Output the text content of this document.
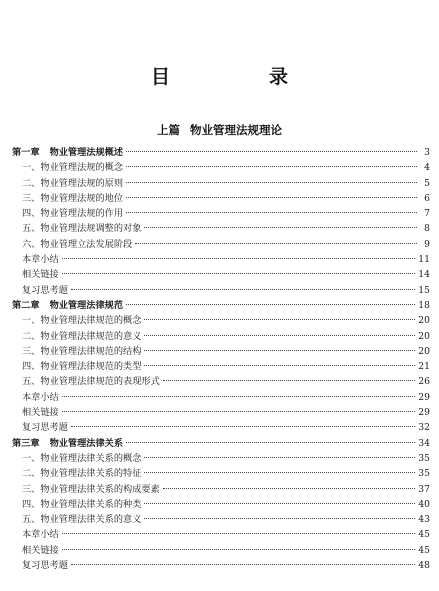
目　录
上篇 物业管理法规理论
第一章 物业管理法规概述	3
一、物业管理法规的概念	4
二、物业管理法规的原则	5
三、物业管理法规的地位	6
四、物业管理法规的作用	7
五、物业管理法规调整的对象	8
六、物业管理立法发展阶段	9
本章小结	11
相关链接	14
复习思考题	15
第二章 物业管理法律规范	18
一、物业管理法律规范的概念	20
二、物业管理法律规范的意义	20
三、物业管理法律规范的结构	20
四、物业管理法律规范的类型	21
五、物业管理法律规范的表现形式	26
本章小结	29
相关链接	29
复习思考题	32
第三章 物业管理法律关系	34
一、物业管理法律关系的概念	35
二、物业管理法律关系的特征	35
三、物业管理法律关系的构成要素	37
四、物业管理法律关系的种类	40
五、物业管理法律关系的意义	43
本章小结	45
相关链接	45
复习思考题	48
